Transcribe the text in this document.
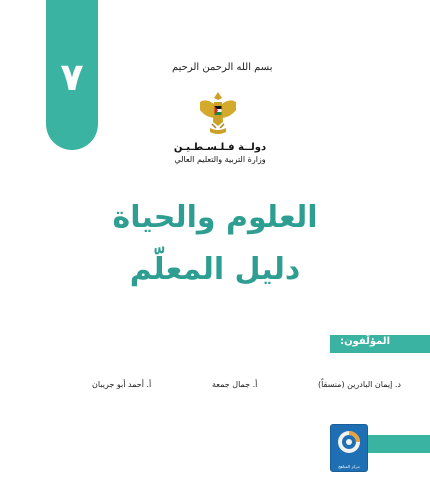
٧	بسم الله الرحمن الرحيم
دولــة فـلـسـطـيـن
وزارة التربية والتعليم العالي
العلوم والحياة
دليل المعلّم
المؤلّفون:
د. إيمان البادرين (منسقاً)
أ. جمال جمعة
أ. أحمد أبو جريبان
مركز المناهج
